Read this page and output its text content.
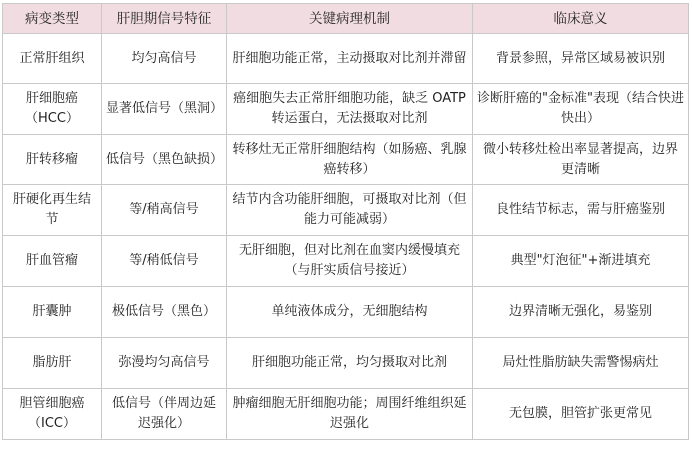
病变类型	肝胆期信号特征	关键病理机制	临床意义
正常肝组织	均匀高信号	肝细胞功能正常，主动摄取对比剂并滞留	背景参照，异常区域易被识别
肝细胞癌（HCC）	显著低信号（黑洞）	癌细胞失去正常肝细胞功能，缺乏 OATP 转运蛋白，无法摄取对比剂	诊断肝癌的"金标准"表现（结合快进快出）
肝转移瘤	低信号（黑色缺损）	转移灶无正常肝细胞结构（如肠癌、乳腺癌转移）	微小转移灶检出率显著提高，边界更清晰
肝硬化再生结节	等/稍高信号	结节内含功能肝细胞，可摄取对比剂（但能力可能减弱）	良性结节标志，需与肝癌鉴别
肝血管瘤	等/稍低信号	无肝细胞，但对比剂在血窦内缓慢填充（与肝实质信号接近）	典型"灯泡征"+渐进填充
肝囊肿	极低信号（黑色）	单纯液体成分，无细胞结构	边界清晰无强化，易鉴别
脂肪肝	弥漫均匀高信号	肝细胞功能正常，均匀摄取对比剂	局灶性脂肪缺失需警惕病灶
胆管细胞癌（ICC）	低信号（伴周边延迟强化）	肿瘤细胞无肝细胞功能；周围纤维组织延迟强化	无包膜，胆管扩张更常见
